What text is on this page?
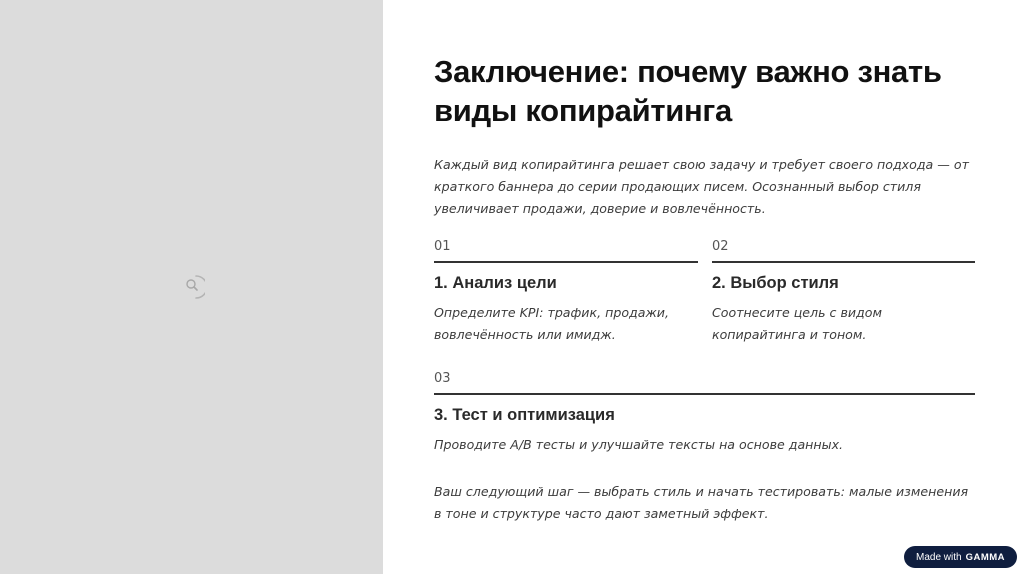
Заключение: почему важно знать виды копирайтинга

Каждый вид копирайтинга решает свою задачу и требует своего подхода — от краткого баннера до серии продающих писем. Осознанный выбор стиля увеличивает продажи, доверие и вовлечённость.

01
1. Анализ цели
Определите KPI: трафик, продажи, вовлечённость или имидж.
02
2. Выбор стиля
Соотнесите цель с видом копирайтинга и тоном.
03
3. Тест и оптимизация
Проводите A/B тесты и улучшайте тексты на основе данных.

Ваш следующий шаг — выбрать стиль и начать тестировать: малые изменения в тоне и структуре часто дают заметный эффект.

Made with GAMMA
